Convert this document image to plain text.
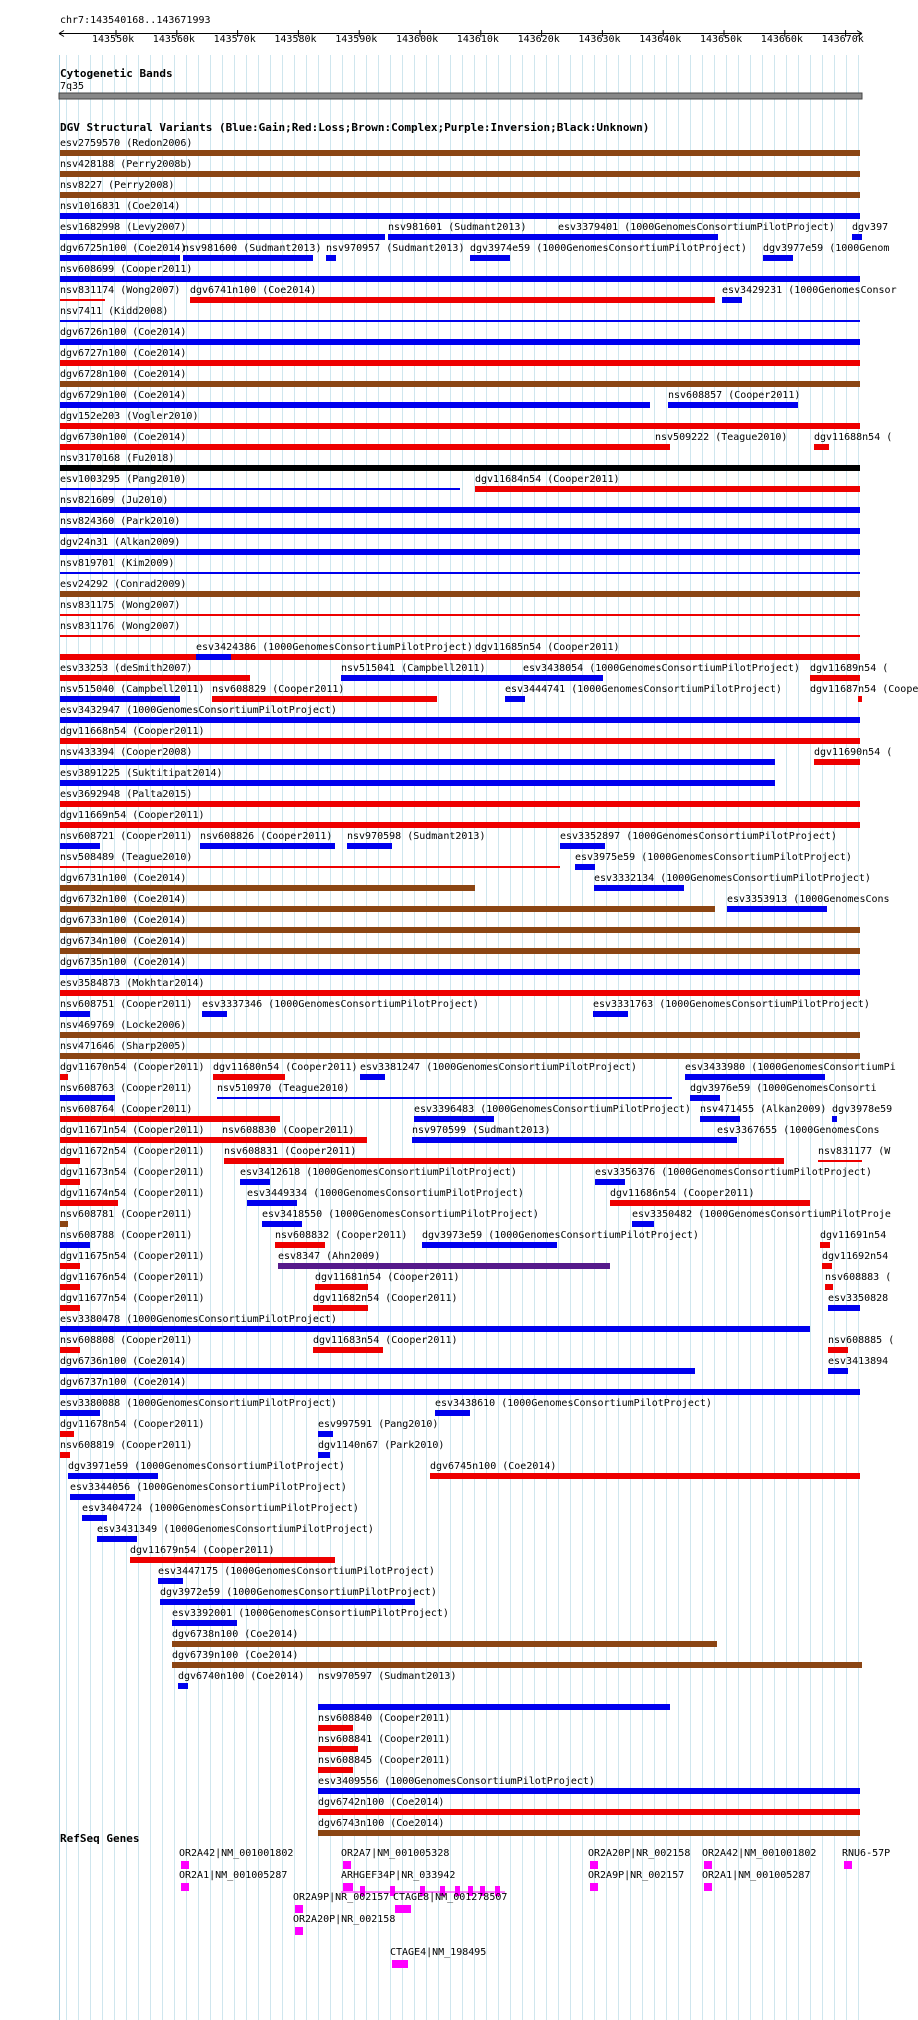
chr7:143540168..143671993
143550k 143560k 143570k 143580k 143590k 143600k 143610k 143620k 143630k 143640k 143650k 143660k 143670k
Cytogenetic Bands
7q35
DGV Structural Variants (Blue:Gain;Red:Loss;Brown:Complex;Purple:Inversion;Black:Unknown)
esv2759570 (Redon2006)
nsv428188 (Perry2008b)
nsv8227 (Perry2008)
nsv1016831 (Coe2014)
esv1682998 (Levy2007)	nsv981601 (Sudmant2013)	esv3379401 (1000GenomesConsortiumPilotProject) dgv397
dgv6725n100 (Coe2014)
nsv981600 (Sudmant2013) nsv970957 (Sudmant2013) dgv3974e59 (1000GenomesConsortiumPilotProject) dgv3977e59 (1000Genom
nsv608699 (Cooper2011)
nsv831174 (Wong2007) dgv6741n100 (Coe2014)	esv3429231 (1000GenomesConsor
nsv7411 (Kidd2008)
dgv6726n100 (Coe2014)
dgv6727n100 (Coe2014)
dgv6728n100 (Coe2014)
dgv6729n100 (Coe2014)	nsv608857 (Cooper2011)
dgv152e203 (Vogler2010)
dgv6730n100 (Coe2014)	nsv509222 (Teague2010)	dgv11688n54 (
nsv3170168 (Fu2018)
esv1003295 (Pang2010)	dgv11684n54 (Cooper2011)
nsv821609 (Ju2010)
nsv824360 (Park2010)
dgv24n31 (Alkan2009)
nsv819701 (Kim2009)
esv24292 (Conrad2009)
nsv831175 (Wong2007)
nsv831176 (Wong2007)
esv3424386 (1000GenomesConsortiumPilotProject) dgv11685n54 (Cooper2011)
esv33253 (deSmith2007)	nsv515041 (Campbell2011)	esv3438054 (1000GenomesConsortiumPilotProject) dgv11689n54 (
nsv515040 (Campbell2011) nsv608829 (Cooper2011)	esv3444741 (1000GenomesConsortiumPilotProject)	dgv11687n54 (Coope
esv3432947 (1000GenomesConsortiumPilotProject)
dgv11668n54 (Cooper2011)
nsv433394 (Cooper2008)	dgv11690n54 (
esv3891225 (Suktitipat2014)
esv3692948 (Palta2015)
dgv11669n54 (Cooper2011)
nsv608721 (Cooper2011) nsv608826 (Cooper2011) nsv970598 (Sudmant2013)	esv3352897 (1000GenomesConsortiumPilotProject)
nsv508489 (Teague2010)	esv3975e59 (1000GenomesConsortiumPilotProject)
dgv6731n100 (Coe2014)	esv3332134 (1000GenomesConsortiumPilotProject)
dgv6732n100 (Coe2014)	esv3353913 (1000GenomesCons
dgv6733n100 (Coe2014)
dgv6734n100 (Coe2014)
dgv6735n100 (Coe2014)
esv3584873 (Mokhtar2014)
nsv608751 (Cooper2011) esv3337346 (1000GenomesConsortiumPilotProject)	esv3331763 (1000GenomesConsortiumPilotProject)
nsv469769 (Locke2006)
nsv471646 (Sharp2005)
dgv11670n54 (Cooper2011) dgv11680n54 (Cooper2011) esv3381247 (1000GenomesConsortiumPilotProject)	esv3433980 (1000GenomesConsortiumPi
nsv608763 (Cooper2011) nsv510970 (Teague2010)	dgv3976e59 (1000GenomesConsorti
nsv608764 (Cooper2011)	esv3396483 (1000GenomesConsortiumPilotProject) nsv471455 (Alkan2009) dgv3978e59
dgv11671n54 (Cooper2011) nsv608830 (Cooper2011)	nsv970599 (Sudmant2013)	esv3367655 (1000GenomesCons
dgv11672n54 (Cooper2011) nsv608831 (Cooper2011)	nsv831177 (W
dgv11673n54 (Cooper2011)	esv3412618 (1000GenomesConsortiumPilotProject)	esv3356376 (1000GenomesConsortiumPilotProject)
dgv11674n54 (Cooper2011)	esv3449334 (1000GenomesConsortiumPilotProject)	dgv11686n54 (Cooper2011)
nsv608781 (Cooper2011)	esv3418550 (1000GenomesConsortiumPilotProject)	esv3350482 (1000GenomesConsortiumPilotProje
nsv608788 (Cooper2011)	nsv608832 (Cooper2011) dgv3973e59 (1000GenomesConsortiumPilotProject)	dgv11691n54
dgv11675n54 (Cooper2011)	esv8347 (Ahn2009)	dgv11692n54
dgv11676n54 (Cooper2011)	dgv11681n54 (Cooper2011)	nsv608883 (
dgv11677n54 (Cooper2011)	dgv11682n54 (Cooper2011)	esv3350828
esv3380478 (1000GenomesConsortiumPilotProject)
nsv608808 (Cooper2011)	dgv11683n54 (Cooper2011)	nsv608885 (
dgv6736n100 (Coe2014)	esv3413894
dgv6737n100 (Coe2014)
esv3380088 (1000GenomesConsortiumPilotProject)	esv3438610 (1000GenomesConsortiumPilotProject)
dgv11678n54 (Cooper2011)	esv997591 (Pang2010)
nsv608819 (Cooper2011)	dgv1140n67 (Park2010)
dgv3971e59 (1000GenomesConsortiumPilotProject)	dgv6745n100 (Coe2014)
esv3344056 (1000GenomesConsortiumPilotProject)
esv3404724 (1000GenomesConsortiumPilotProject)
esv3431349 (1000GenomesConsortiumPilotProject)
dgv11679n54 (Cooper2011)
esv3447175 (1000GenomesConsortiumPilotProject)
dgv3972e59 (1000GenomesConsortiumPilotProject)
esv3392001 (1000GenomesConsortiumPilotProject)
dgv6738n100 (Coe2014)
dgv6739n100 (Coe2014)
dgv6740n100 (Coe2014) nsv970597 (Sudmant2013)
nsv608840 (Cooper2011)
nsv608841 (Cooper2011)
nsv608845 (Cooper2011)
esv3409556 (1000GenomesConsortiumPilotProject)
dgv6742n100 (Coe2014)
dgv6743n100 (Coe2014)
RefSeq Genes
OR2A42|NM_001001802	OR2A7|NM_001005328	OR2A20P|NR_002158 OR2A42|NM_001001802	RNU6-57P
OR2A1|NM_001005287	ARHGEF34P|NR_033942	OR2A9P|NR_002157 OR2A1|NM_001005287
OR2A9P|NR_002157 CTAGE8|NM_001278507
OR2A20P|NR_002158
CTAGE4|NM_198495
